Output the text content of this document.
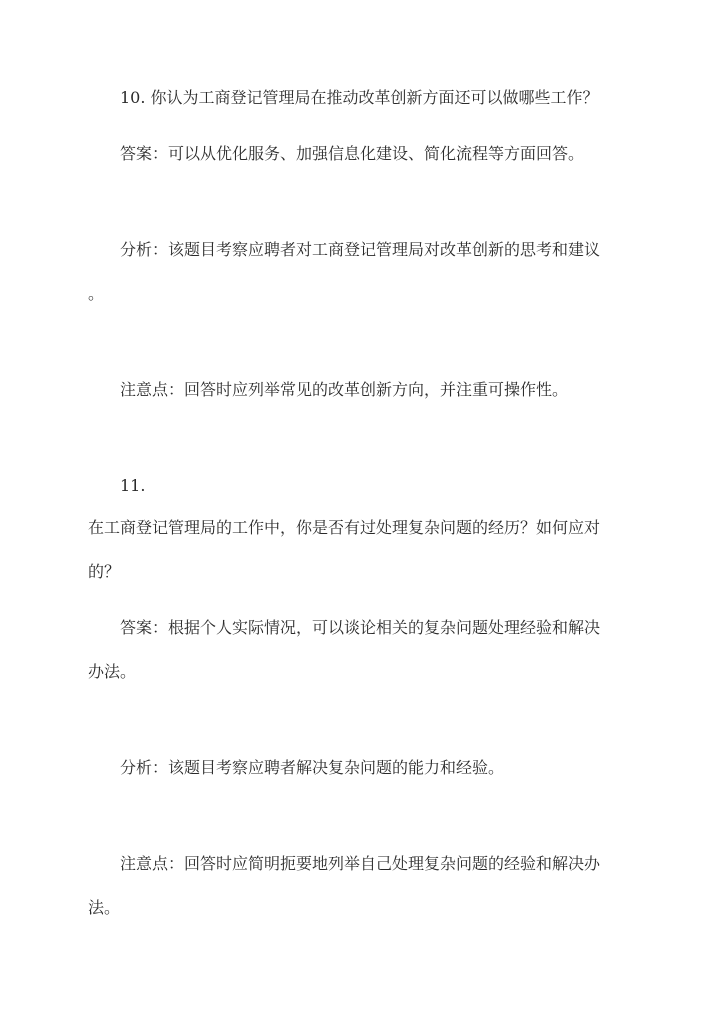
10. 你认为工商登记管理局在推动改革创新方面还可以做哪些工作？

答案：可以从优化服务、加强信息化建设、简化流程等方面回答。

分析：该题目考察应聘者对工商登记管理局对改革创新的思考和建议

。

注意点：回答时应列举常见的改革创新方向，并注重可操作性。

11.

在工商登记管理局的工作中，你是否有过处理复杂问题的经历？如何应对

的？

答案：根据个人实际情况，可以谈论相关的复杂问题处理经验和解决

办法。

分析：该题目考察应聘者解决复杂问题的能力和经验。

注意点：回答时应简明扼要地列举自己处理复杂问题的经验和解决办

法。
